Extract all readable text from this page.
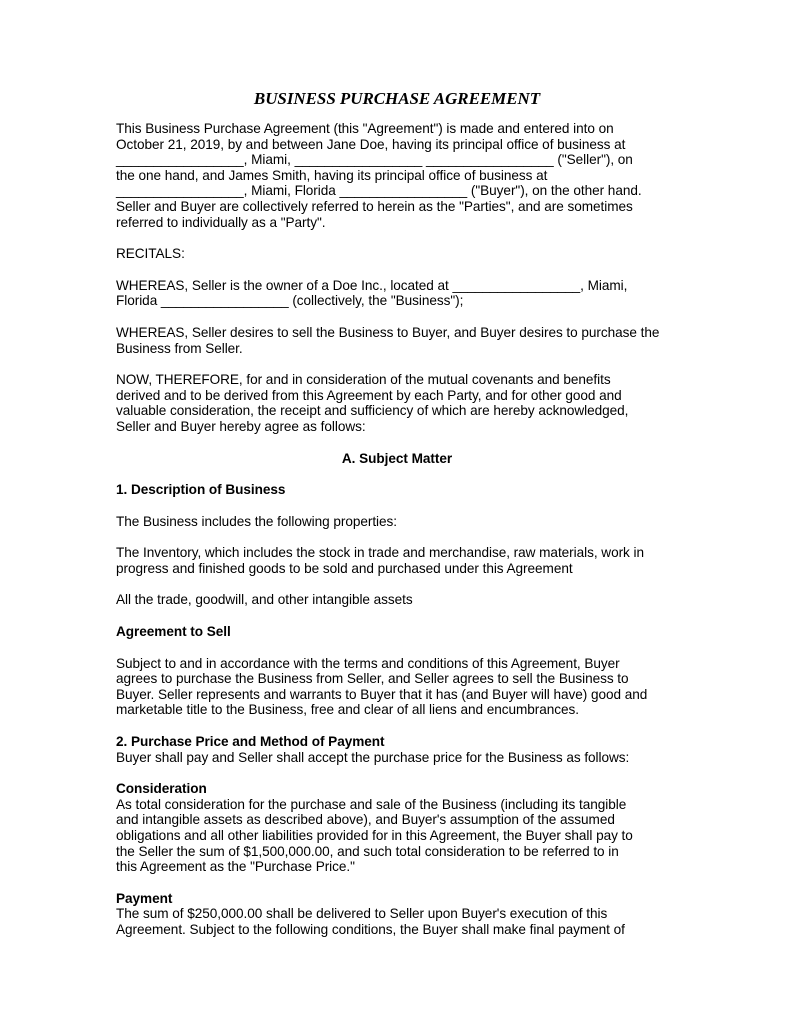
BUSINESS PURCHASE AGREEMENT
This Business Purchase Agreement (this "Agreement") is made and entered into on
October 21, 2019, by and between Jane Doe, having its principal office of business at
_________________, Miami, _________________ _________________ ("Seller"), on
the one hand, and James Smith, having its principal office of business at
_________________, Miami, Florida _________________ ("Buyer"), on the other hand.
Seller and Buyer are collectively referred to herein as the "Parties", and are sometimes
referred to individually as a "Party".
RECITALS:
WHEREAS, Seller is the owner of a Doe Inc., located at _________________, Miami,
Florida _________________ (collectively, the "Business");
WHEREAS, Seller desires to sell the Business to Buyer, and Buyer desires to purchase the
Business from Seller.
NOW, THEREFORE, for and in consideration of the mutual covenants and benefits
derived and to be derived from this Agreement by each Party, and for other good and
valuable consideration, the receipt and sufficiency of which are hereby acknowledged,
Seller and Buyer hereby agree as follows:
A. Subject Matter
1. Description of Business
The Business includes the following properties:
The Inventory, which includes the stock in trade and merchandise, raw materials, work in
progress and finished goods to be sold and purchased under this Agreement
All the trade, goodwill, and other intangible assets
Agreement to Sell
Subject to and in accordance with the terms and conditions of this Agreement, Buyer
agrees to purchase the Business from Seller, and Seller agrees to sell the Business to
Buyer. Seller represents and warrants to Buyer that it has (and Buyer will have) good and
marketable title to the Business, free and clear of all liens and encumbrances.
2. Purchase Price and Method of Payment
Buyer shall pay and Seller shall accept the purchase price for the Business as follows:
Consideration
As total consideration for the purchase and sale of the Business (including its tangible
and intangible assets as described above), and Buyer's assumption of the assumed
obligations and all other liabilities provided for in this Agreement, the Buyer shall pay to
the Seller the sum of $1,500,000.00, and such total consideration to be referred to in
this Agreement as the "Purchase Price."
Payment
The sum of $250,000.00 shall be delivered to Seller upon Buyer's execution of this
Agreement. Subject to the following conditions, the Buyer shall make final payment of
